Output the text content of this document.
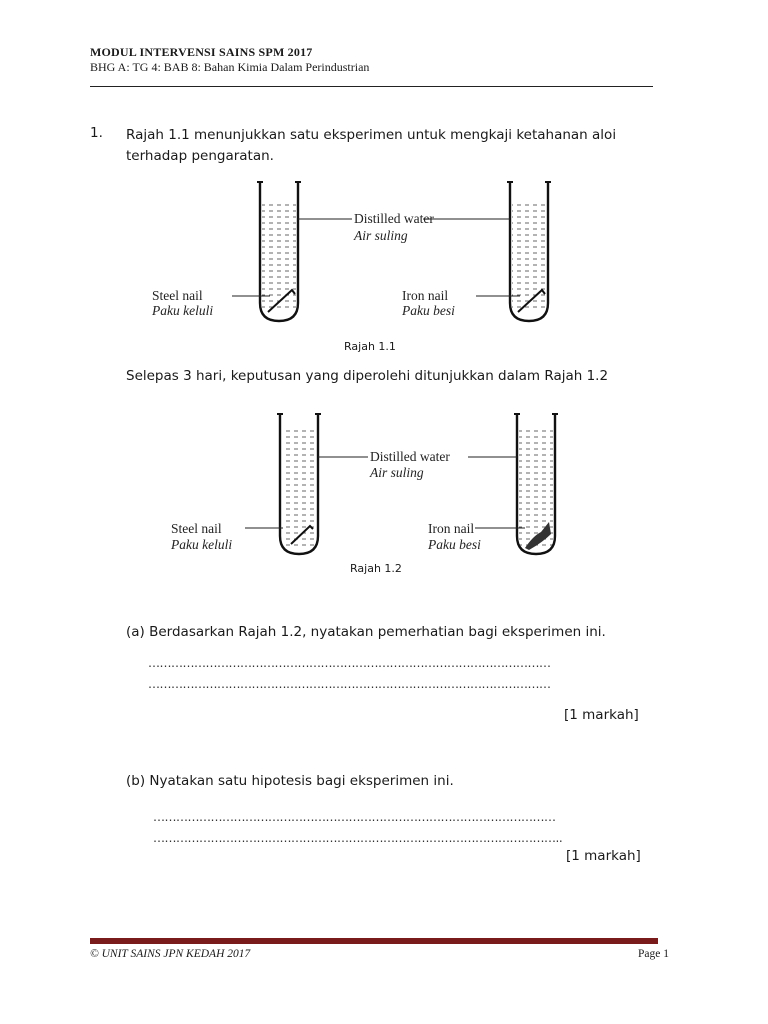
MODUL INTERVENSI SAINS SPM 2017
BHG A: TG 4: BAB 8: Bahan Kimia Dalam Perindustrian
1. Rajah 1.1 menunjukkan satu eksperimen untuk mengkaji ketahanan aloi
terhadap pengaratan.
Distilled water
Air suling
Steel nail
Paku keluli
Iron nail
Paku besi
Rajah 1.1
Selepas 3 hari, keputusan yang diperolehi ditunjukkan dalam Rajah 1.2
Distilled water
Air suling
Steel nail
Paku keluli
Iron nail
Paku besi
Rajah 1.2
(a) Berdasarkan Rajah 1.2, nyatakan pemerhatian bagi eksperimen ini.
……………………………………………………………………………………………
……………………………………………………………………………………………
[1 markah]
(b) Nyatakan satu hipotesis bagi eksperimen ini.
……………………………………………………………………………………………
……………………………………………………………………………………………..
[1 markah]
© UNIT SAINS JPN KEDAH 2017	Page 1
